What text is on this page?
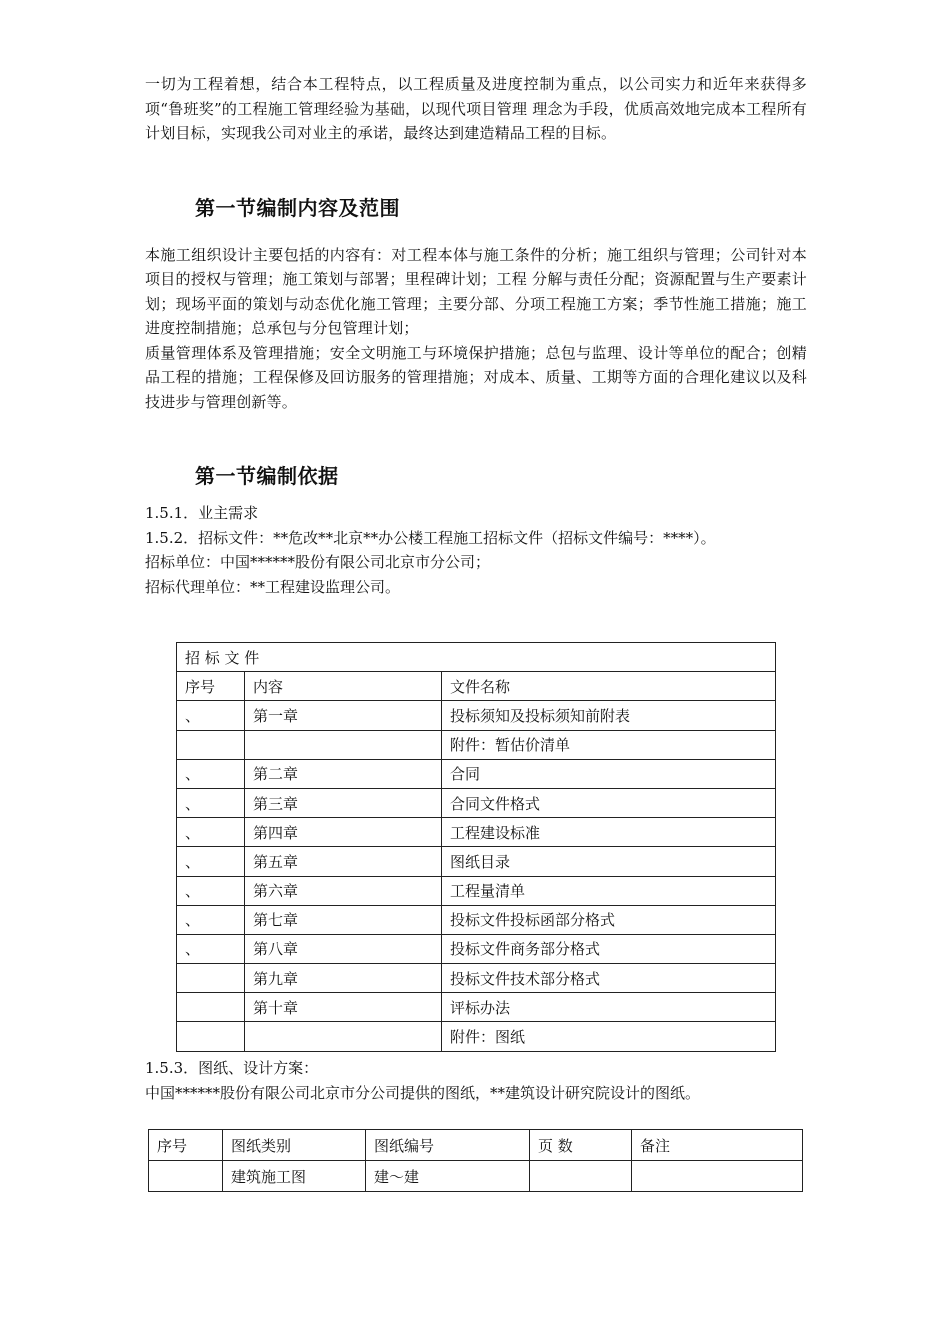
一切为工程着想，结合本工程特点，以工程质量及进度控制为重点，以公司实力和近年来获得多项“鲁班奖”的工程施工管理经验为基础，以现代项目管理 理念为手段，优质高效地完成本工程所有计划目标，实现我公司对业主的承诺，最终达到建造精品工程的目标。

第一节编制内容及范围

本施工组织设计主要包括的内容有：对工程本体与施工条件的分析；施工组织与管理；公司针对本项目的授权与管理；施工策划与部署；里程碑计划；工程 分解与责任分配；资源配置与生产要素计划；现场平面的策划与动态优化施工管理；主要分部、分项工程施工方案；季节性施工措施；施工进度控制措施；总承包与分包管理计划；

质量管理体系及管理措施；安全文明施工与环境保护措施；总包与监理、设计等单位的配合；创精品工程的措施；工程保修及回访服务的管理措施；对成本、质量、工期等方面的合理化建议以及科技进步与管理创新等。

第一节编制依据

1.5.1．业主需求

1.5.2．招标文件：**危改**北京**办公楼工程施工招标文件（招标文件编号：****）。

招标单位：中国******股份有限公司北京市分公司；

招标代理单位：**工程建设监理公司。

招 标 文 件		
序号	内容	文件名称
、	第一章	投标须知及投标须知前附表
		附件：暂估价清单
、	第二章	合同
、	第三章	合同文件格式
、	第四章	工程建设标准
、	第五章	图纸目录
、	第六章	工程量清单
、	第七章	投标文件投标函部分格式
、	第八章	投标文件商务部分格式
	第九章	投标文件技术部分格式
	第十章	评标办法
		附件：图纸

1.5.3．图纸、设计方案：

中国******股份有限公司北京市分公司提供的图纸，**建筑设计研究院设计的图纸。

序号	图纸类别	图纸编号	页 数	备注
	建筑施工图	建～建		
